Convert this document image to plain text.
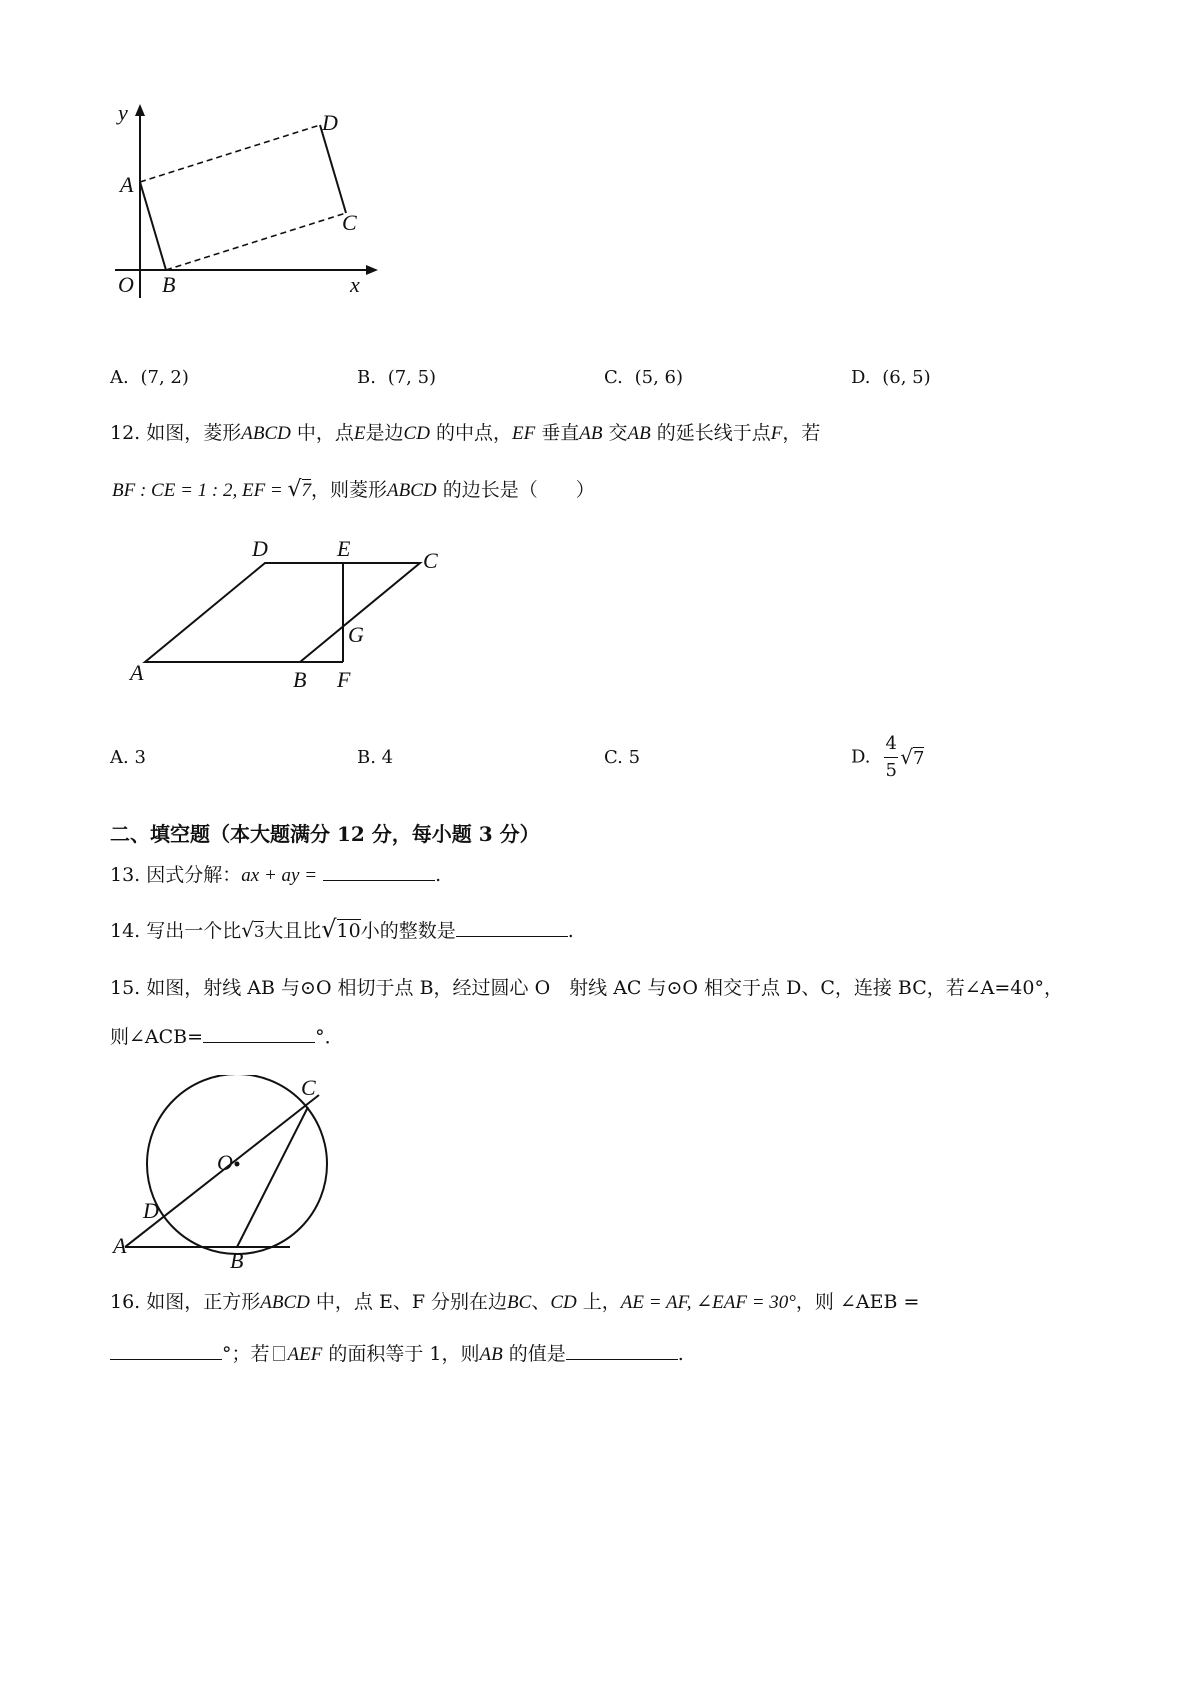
y
A
D
C
O B	x
A. (7, 2)	B. (7, 5)	C. (5, 6)	D. (6, 5)
12. 如图，菱形ABCD 中，点E是边CD 的中点，EF 垂直AB 交AB 的延长线于点F，若
BF : CE = 1 : 2, EF = √7，则菱形ABCD 的边长是（　　）
D	E	C
G
A	B F
A. 3	B. 4	C. 5	D. $\frac{4}{5} √7$
二、填空题（本大题满分 12 分，每小题 3 分）
13. 因式分解：ax + ay =	.
14. 写出一个比√3大且比√10小的整数是	.
15. 如图，射线 AB 与⊙O 相切于点 B，经过圆心 O　射线 AC 与⊙O 相交于点 D、C，连接 BC，若∠A=40°，
则∠ACB=	°．
C
O
D
A
B
16. 如图，正方形ABCD 中，点 E、F 分别在边BC、CD 上，AE = AF, ∠EAF = 30°，则 ∠AEB =
°；若 AEF 的面积等于 1，则AB 的值是	.
